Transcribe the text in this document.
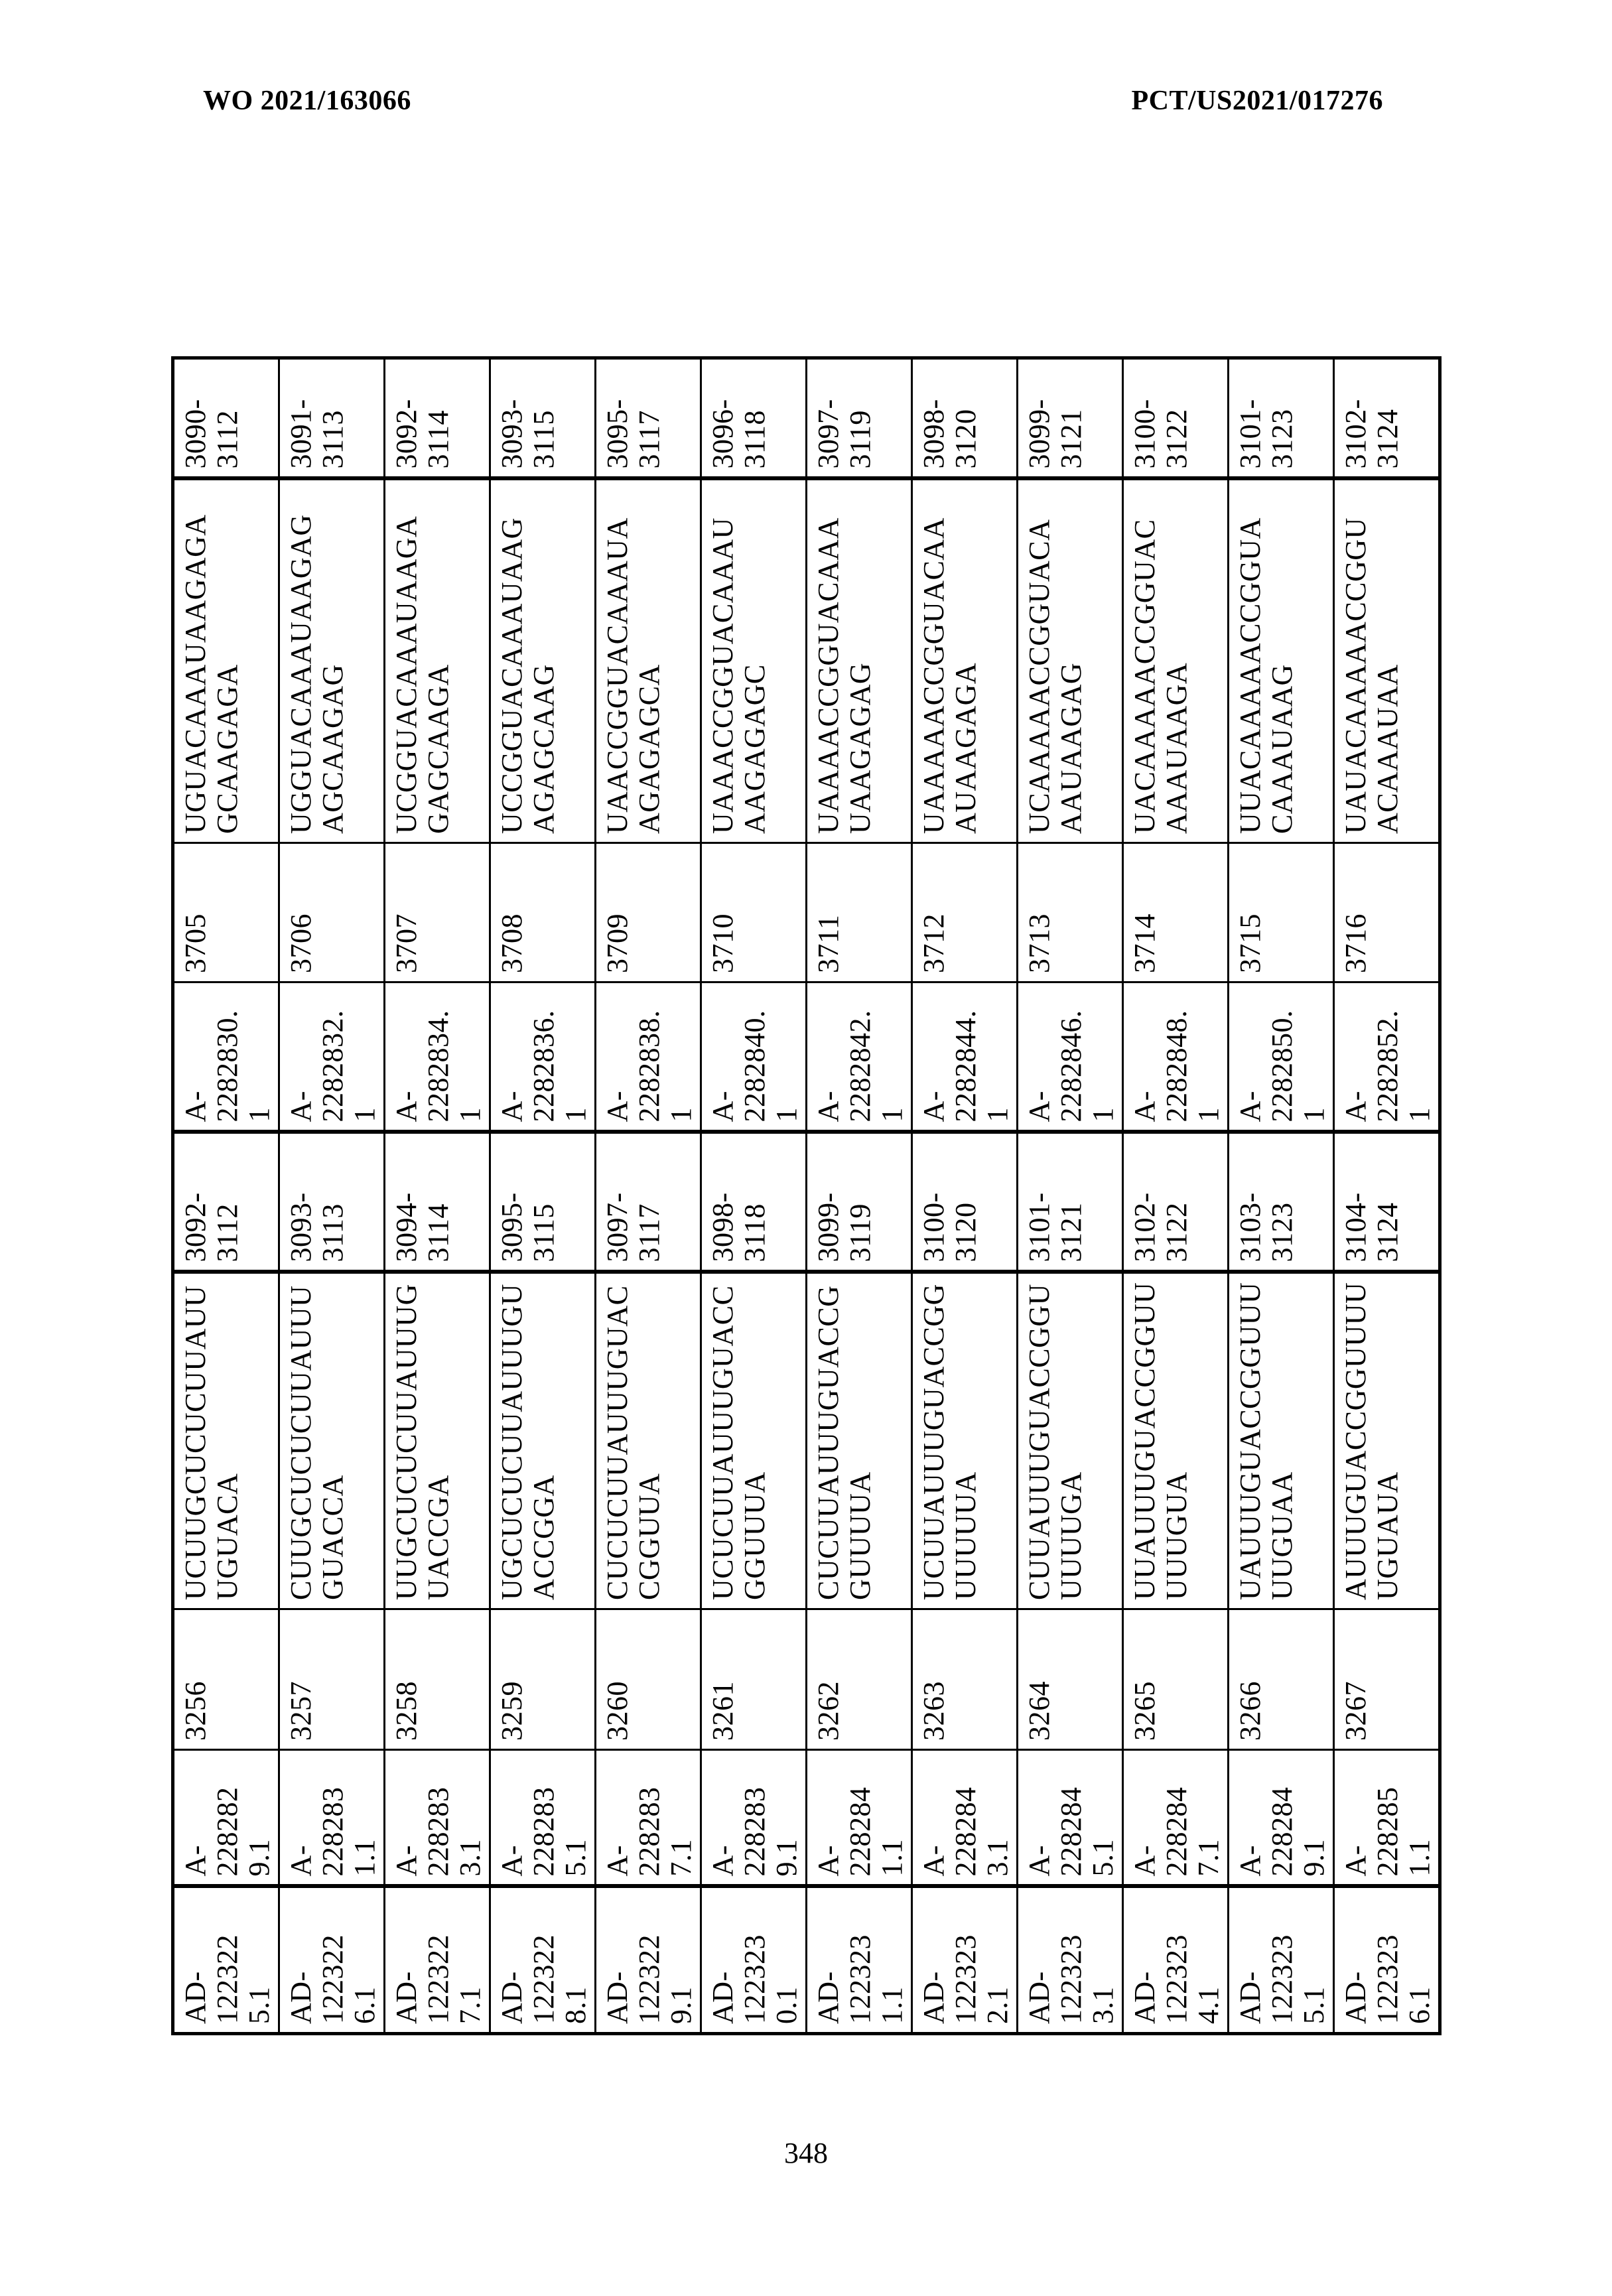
WO 2021/163066	PCT/US2021/017276
AD-
122322
5.1	A-
228282
9.1	3256	UCUUGCUCUCUUAUU
UGUACA	3092-
3112	A-
2282830.
1	3705	UGUACAAAUAAGAGA
GCAAGAGA	3090-
3112
AD-
122322
6.1	A-
228283
1.1	3257	CUUGCUCUCUUAUUU
GUACCA	3093-
3113	A-
2282832.
1	3706	UGGUACAAAUAAGAG
AGCAAGAG	3091-
3113
AD-
122322
7.1	A-
228283
3.1	3258	UUGCUCUCUUAUUUG
UACCGA	3094-
3114	A-
2282834.
1	3707	UCGGUACAAAUAAGA
GAGCAAGA	3092-
3114
AD-
122322
8.1	A-
228283
5.1	3259	UGCUCUCUUAUUUGU
ACCGGA	3095-
3115	A-
2282836.
1	3708	UCCGGUACAAAUAAG
AGAGCAAG	3093-
3115
AD-
122322
9.1	A-
228283
7.1	3260	CUCUCUUAUUUGUAC
CGGUUA	3097-
3117	A-
2282838.
1	3709	UAACCGGUACAAAUA
AGAGAGCA	3095-
3117
AD-
122323
0.1	A-
228283
9.1	3261	UCUCUUAUUUGUACC
GGUUUA	3098-
3118	A-
2282840.
1	3710	UAAACCGGUACAAAU
AAGAGAGC	3096-
3118
AD-
122323
1.1	A-
228284
1.1	3262	CUCUUAUUUGUACCG
GUUUUA	3099-
3119	A-
2282842.
1	3711	UAAAACCGGUACAAA
UAAGAGAG	3097-
3119
AD-
122323
2.1	A-
228284
3.1	3263	UCUUAUUUGUACCGG
UUUUUA	3100-
3120	A-
2282844.
1	3712	UAAAAACCGGUACAA
AUAAGAGA	3098-
3120
AD-
122323
3.1	A-
228284
5.1	3264	CUUAUUUGUACCGGU
UUUUGA	3101-
3121	A-
2282846.
1	3713	UCAAAAACCGGUACA
AAUAAGAG	3099-
3121
AD-
122323
4.1	A-
228284
7.1	3265	UUAUUUGUACCGGUU
UUUGUA	3102-
3122	A-
2282848.
1	3714	UACAAAAACCGGUAC
AAAUAAGA	3100-
3122
AD-
122323
5.1	A-
228284
9.1	3266	UAUUUGUACCGGUUU
UUGUAA	3103-
3123	A-
2282850.
1	3715	UUACAAAAACCGGUA
CAAAUAAG	3101-
3123
AD-
122323
6.1	A-
228285
1.1	3267	AUUUGUACCGGUUUU
UGUAUA	3104-
3124	A-
2282852.
1	3716	UAUACAAAAACCGGU
ACAAAUAA	3102-
3124
348
